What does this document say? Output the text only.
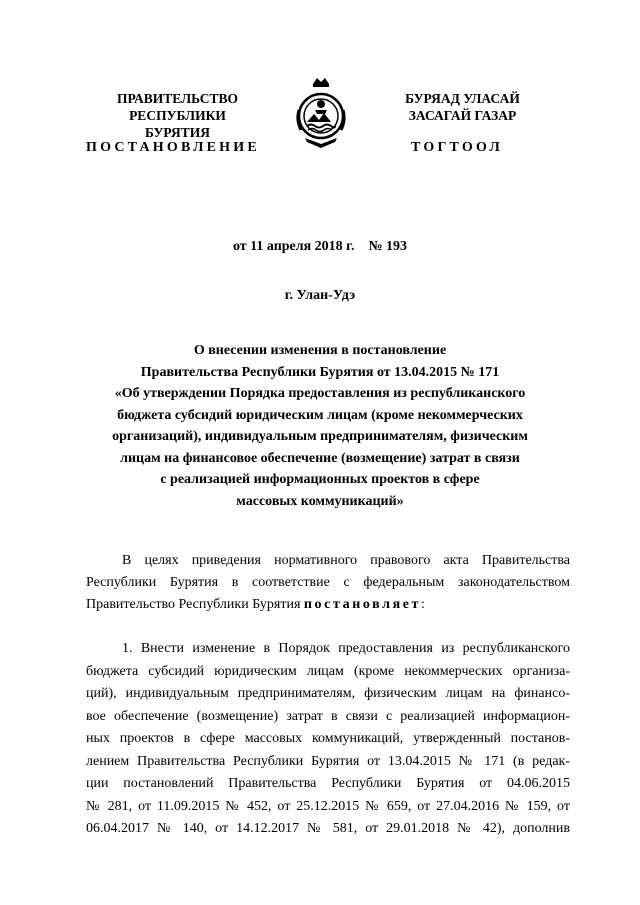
ПРАВИТЕЛЬСТВО
РЕСПУБЛИКИ БУРЯТИЯ
БУРЯАД УЛАСАЙ
ЗАСАГАЙ ГАЗАР
ПОСТАНОВЛЕНИЕ	ТОГТООЛ
от 11 апреля 2018 г. № 193
г. Улан-Удэ
О внесении изменения в постановление
Правительства Республики Бурятия от 13.04.2015 № 171
«Об утверждении Порядка предоставления из республиканского
бюджета субсидий юридическим лицам (кроме некоммерческих
организаций), индивидуальным предпринимателям, физическим
лицам на финансовое обеспечение (возмещение) затрат в связи
с реализацией информационных проектов в сфере
массовых коммуникаций»
В целях приведения нормативного правового акта Правительства
Республики Бурятия в соответствие с федеральным законодательством
Правительство Республики Бурятия постановляет:
1. Внести изменение в Порядок предоставления из республиканского
бюджета субсидий юридическим лицам (кроме некоммерческих организа-
ций), индивидуальным предпринимателям, физическим лицам на финансо-
вое обеспечение (возмещение) затрат в связи с реализацией информацион-
ных проектов в сфере массовых коммуникаций, утвержденный постанов-
лением Правительства Республики Бурятия от 13.04.2015 № 171 (в редак-
ции постановлений Правительства Республики Бурятия от 04.06.2015
№ 281, от 11.09.2015 № 452, от 25.12.2015 № 659, от 27.04.2016 № 159, от
06.04.2017 № 140, от 14.12.2017 № 581, от 29.01.2018 № 42), дополнив
